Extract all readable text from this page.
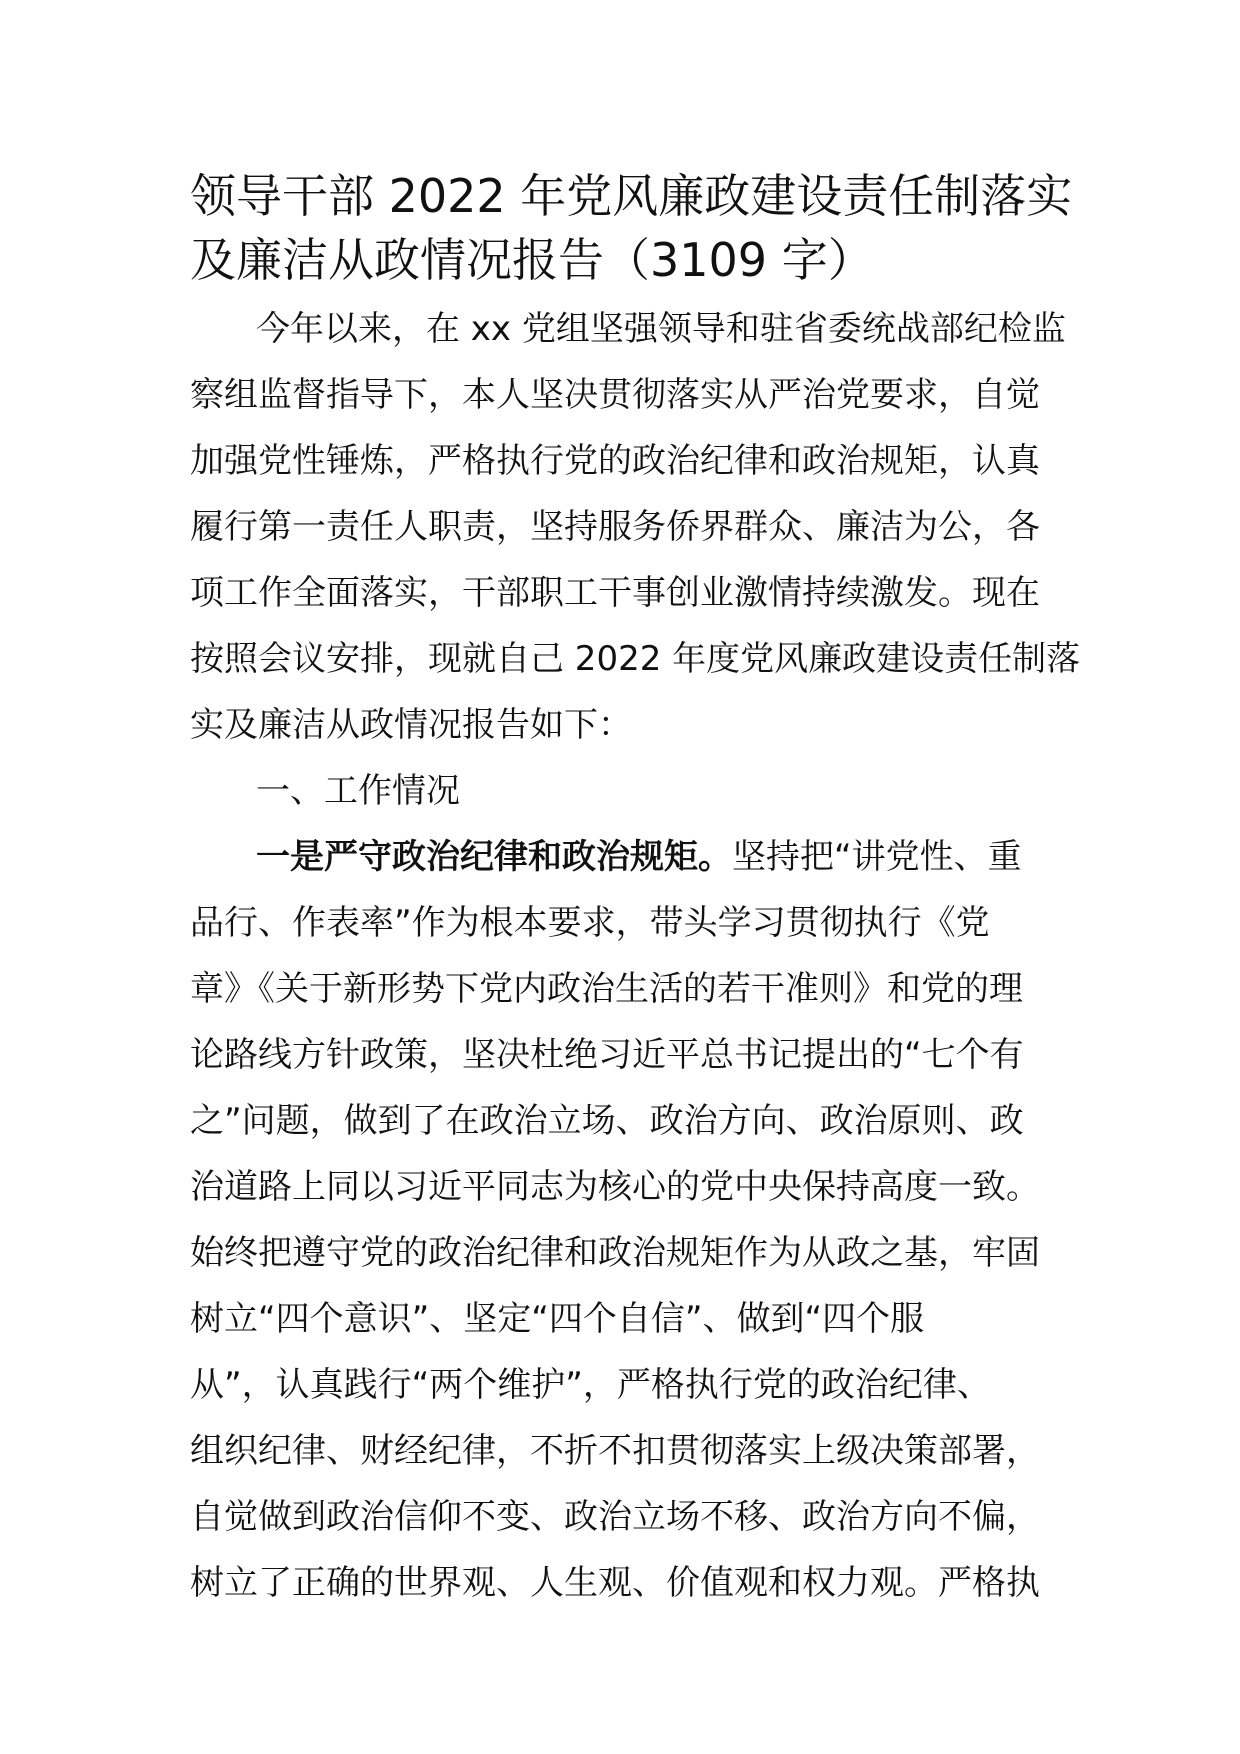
领导干部 2022 年党风廉政建设责任制落实
及廉洁从政情况报告（3109 字）
今年以来，在 xx 党组坚强领导和驻省委统战部纪检监
察组监督指导下，本人坚决贯彻落实从严治党要求，自觉
加强党性锤炼，严格执行党的政治纪律和政治规矩，认真
履行第一责任人职责，坚持服务侨界群众、廉洁为公，各
项工作全面落实，干部职工干事创业激情持续激发。现在
按照会议安排，现就自己 2022 年度党风廉政建设责任制落
实及廉洁从政情况报告如下：
一、工作情况
一是严守政治纪律和政治规矩。坚持把“讲党性、重
品行、作表率”作为根本要求，带头学习贯彻执行《党
章》《关于新形势下党内政治生活的若干准则》和党的理
论路线方针政策，坚决杜绝习近平总书记提出的“七个有
之”问题，做到了在政治立场、政治方向、政治原则、政
治道路上同以习近平同志为核心的党中央保持高度一致。
始终把遵守党的政治纪律和政治规矩作为从政之基，牢固
树立“四个意识”、坚定“四个自信”、做到“四个服
从”，认真践行“两个维护”，严格执行党的政治纪律、
组织纪律、财经纪律，不折不扣贯彻落实上级决策部署，
自觉做到政治信仰不变、政治立场不移、政治方向不偏，
树立了正确的世界观、人生观、价值观和权力观。严格执
